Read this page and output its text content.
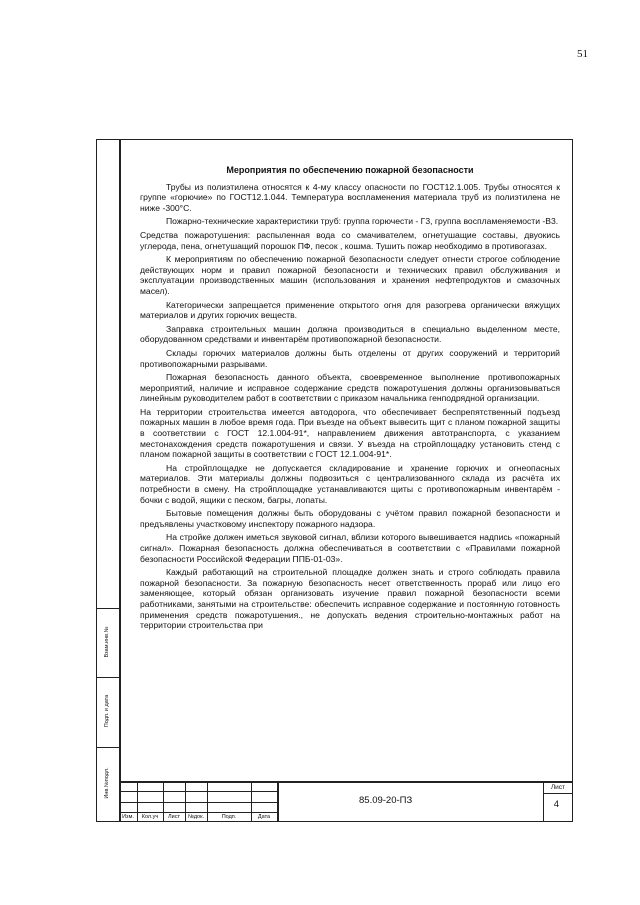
51
Взам.инв.№
Подп. и дата
Инв.№подл.
Мероприятия по обеспечению пожарной безопасности

Трубы из полиэтилена относятся к 4-му классу опасности по ГОСТ12.1.005. Трубы относятся к группе «горючие» по ГОСТ12.1.044. Температура воспламенения материала труб из полиэтилена не ниже -300°С.

Пожарно-технические характеристики труб: группа горючести - Г3, группа воспламеняемости -В3.

Средства пожаротушения: распыленная вода со смачивателем, огнетушащие составы, двуокись углерода, пена, огнетушащий порошок ПФ, песок , кошма. Тушить пожар необходимо в противогазах.

К мероприятиям по обеспечению пожарной безопасности следует отнести строгое соблюдение действующих норм и правил пожарной безопасности и технических правил обслуживания и эксплуатации производственных машин (использования и хранения нефтепродуктов и смазочных масел).

Категорически запрещается применение открытого огня для разогрева органически вяжущих материалов и других горючих веществ.

Заправка строительных машин должна производиться в специально выделенном месте, оборудованном средствами и инвентарём противопожарной безопасности.

Склады горючих материалов должны быть отделены от других сооружений и территорий противопожарными разрывами.

Пожарная безопасность данного объекта, своевременное выполнение противопожарных мероприятий, наличие и исправное содержание средств пожаротушения должны организовываться линейным руководителем работ в соответствии с приказом начальника генподрядной организации.

На территории строительства имеется автодорога, что обеспечивает беспрепятственный подъезд пожарных машин в любое время года. При въезде на объект вывесить щит с планом пожарной защиты в соответствии с ГОСТ 12.1.004-91*, направлением движения автотранспорта, с указанием местонахождения средств пожаротушения и связи. У въезда на стройплощадку установить стенд с планом пожарной защиты в соответствии с ГОСТ 12.1.004-91*.

На стройплощадке не допускается складирование и хранение горючих и огнеопасных материалов. Эти материалы должны подвозиться с централизованного склада из расчёта их потребности в смену. На стройплощадке устанавливаются щиты с противопожарным инвентарём - бочки с водой, ящики с песком, багры, лопаты.

Бытовые помещения должны быть оборудованы с учётом правил пожарной безопасности и предъявлены участковому инспектору пожарного надзора.

На стройке должен иметься звуковой сигнал, вблизи которого вывешивается надпись «пожарный сигнал». Пожарная безопасность должна обеспечиваться в соответствии с «Правилами пожарной безопасности Российской Федерации ППБ-01-03».

Каждый работающий на строительной площадке должен знать и строго соблюдать правила пожарной безопасности. За пожарную безопасность несет ответственность прораб или лицо его заменяющее, который обязан организовать изучение правил пожарной безопасности всеми работниками, занятыми на строительстве: обеспечить исправное содержание и постоянную готовность применения средств пожаротушения., не допускать ведения строительно-монтажных работ на территории строительства при

Изм.	Кол.уч	Лист	№док.	Подп.	Дата
85.09-20-ПЗ
Лист
4
